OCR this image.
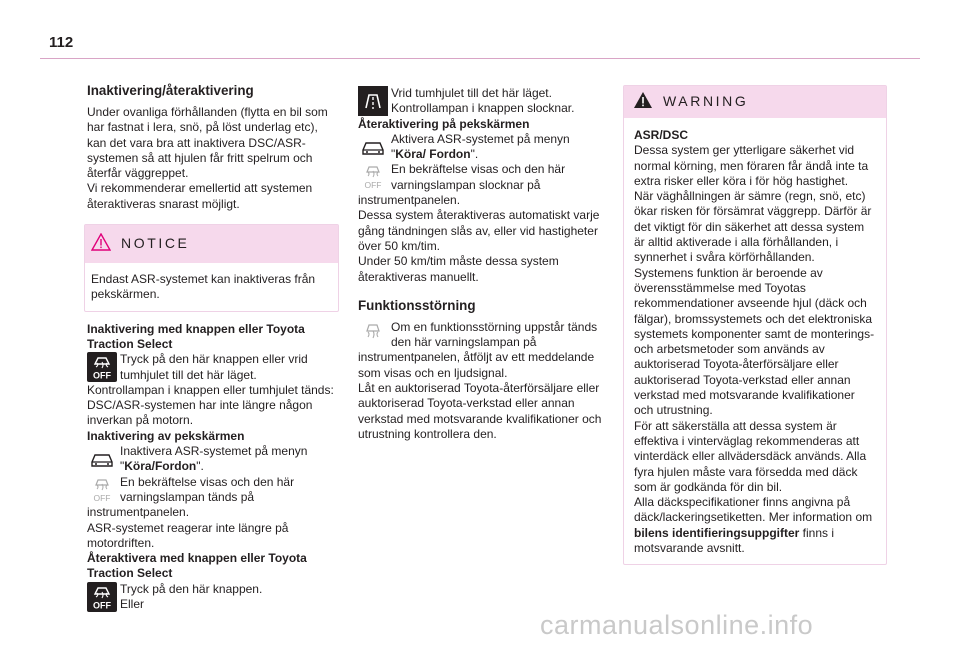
112
Inaktivering/återaktivering

Under ovanliga förhållanden (flytta en bil som har fastnat i lera, snö, på löst underlag etc), kan det vara bra att inaktivera DSC/ASR-systemen så att hjulen får fritt spelrum och återfår väggreppet.

Vi rekommenderar emellertid att systemen återaktiveras snarast möjligt.

NOTICE
Endast ASR-systemet kan inaktiveras från pekskärmen.
Inaktivering med knappen eller Toyota Traction Select
OFF
Tryck på den här knappen eller vrid tumhjulet till det här läget.

Kontrollampan i knappen eller tumhjulet tänds:

DSC/ASR-systemen har inte längre någon inverkan på motorn.

Inaktivering av pekskärmen
Inaktivera ASR-systemet på menyn "Köra/Fordon".
OFF
En bekräftelse visas och den här varningslampan tänds på

instrumentpanelen.

ASR-systemet reagerar inte längre på motordriften.

Återaktivera med knappen eller Toyota Traction Select
OFF
Tryck på den här knappen.
Eller
Vrid tumhjulet till det här läget. Kontrollampan i knappen slocknar.
Återaktivering på pekskärmen
Aktivera ASR-systemet på menyn "Köra/ Fordon".
OFF
En bekräftelse visas och den här varningslampan slocknar på

instrumentpanelen.

Dessa system återaktiveras automatiskt varje gång tändningen slås av, eller vid hastigheter över 50 km/tim.

Under 50 km/tim måste dessa system återaktiveras manuellt.

Funktionsstörning
Om en funktionsstörning uppstår tänds den här varningslampan på

instrumentpanelen, åtföljt av ett meddelande som visas och en ljudsignal.

Låt en auktoriserad Toyota-återförsäljare eller auktoriserad Toyota-verkstad eller annan verkstad med motsvarande kvalifikationer och utrustning kontrollera den.

WARNING
ASR/DSC

Dessa system ger ytterligare säkerhet vid normal körning, men föraren får ändå inte ta extra risker eller köra i för hög hastighet.

När väghållningen är sämre (regn, snö, etc) ökar risken för försämrat väggrepp. Därför är det viktigt för din säkerhet att dessa system är alltid aktiverade i alla förhållanden, i synnerhet i svåra körförhållanden.

Systemens funktion är beroende av överensstämmelse med Toyotas rekommendationer avseende hjul (däck och fälgar), bromssystemets och det elektroniska systemets komponenter samt de monterings- och arbetsmetoder som används av auktoriserad Toyota-återförsäljare eller auktoriserad Toyota-verkstad eller annan verkstad med motsvarande kvalifikationer och utrustning.

För att säkerställa att dessa system är effektiva i vinterväglag rekommenderas att vinterdäck eller allvädersdäck används. Alla fyra hjulen måste vara försedda med däck som är godkända för din bil.

Alla däckspecifikationer finns angivna på däck/lackeringsetiketten. Mer information om bilens identifieringsuppgifter finns i motsvarande avsnitt.

carmanualsonline.info
